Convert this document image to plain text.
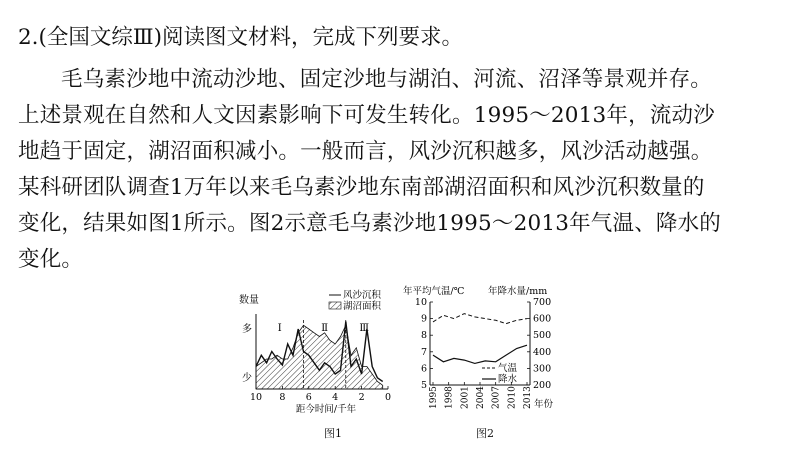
2.(全国文综Ⅲ)阅读图文材料，完成下列要求。
毛乌素沙地中流动沙地、固定沙地与湖泊、河流、沼泽等景观并存。
上述景观在自然和人文因素影响下可发生转化。1995～2013年，流动沙
地趋于固定，湖沼面积减小。一般而言，风沙沉积越多，风沙活动越强。
某科研团队调查1万年以来毛乌素沙地东南部湖沼面积和风沙沉积数量的
变化，结果如图1所示。图2示意毛乌素沙地1995～2013年气温、降水的
变化。
数量
多
少
风沙沉积
湖沼面积
Ⅰ	Ⅱ	Ⅲ
10 8 6 4 2 0
距今时间/千年
图1
年平均气温/℃ 年降水量/mm
10
9
8
7
6
5
700
600
500
400
300
200
1995 1998 2001 2004 2007 2010 2013
气温
降水
年份
图2
